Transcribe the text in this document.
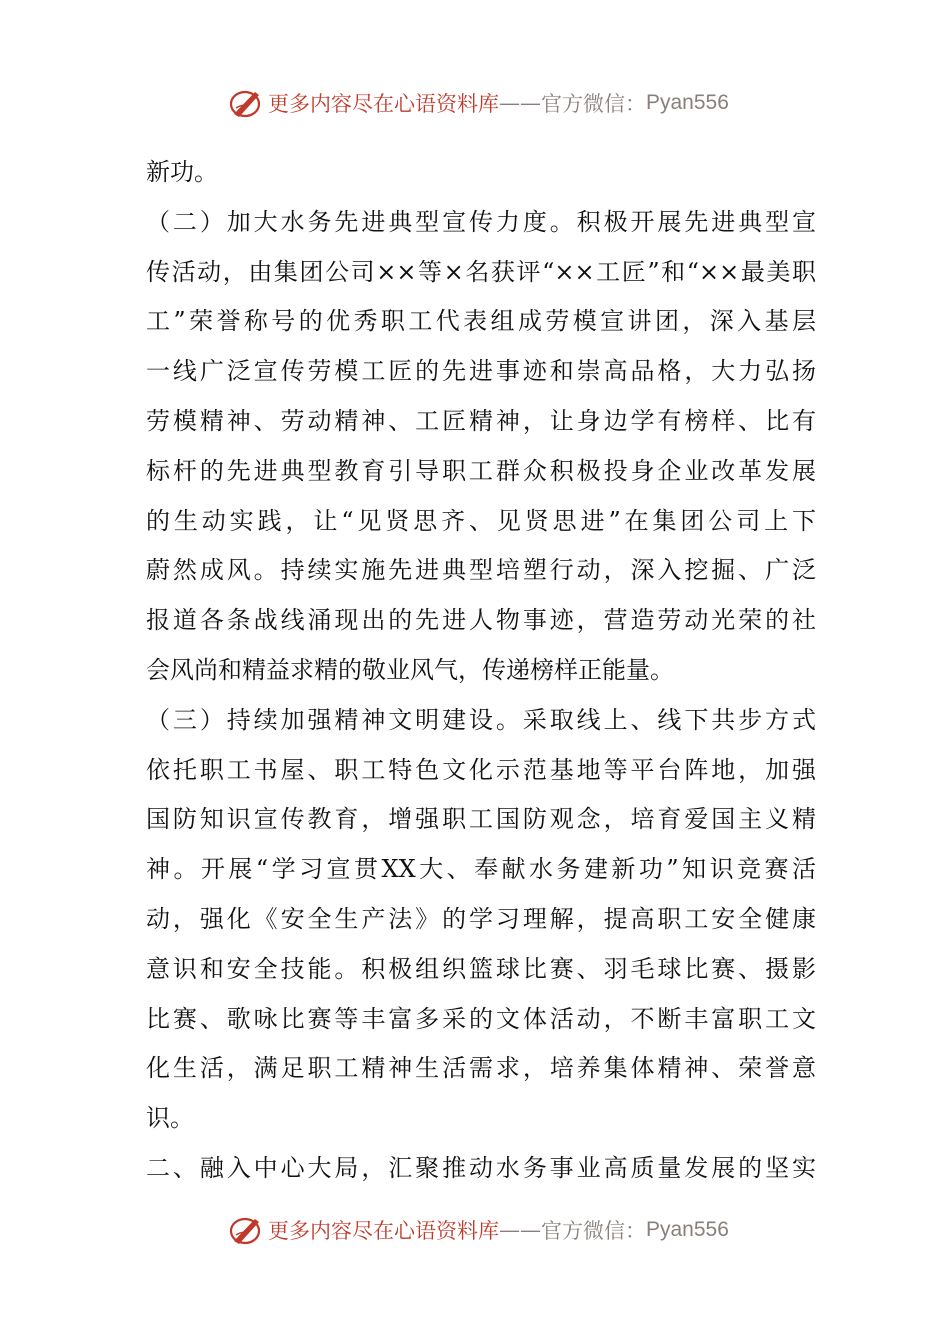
更多内容尽在心语资料库 —— 官方微信： Pyan556
新功。
（二）加大水务先进典型宣传力度。积极开展先进典型宣
传活动，由集团公司××等×名获评“××工匠”和“××最美职
工”荣誉称号的优秀职工代表组成劳模宣讲团，深入基层
一线广泛宣传劳模工匠的先进事迹和崇高品格，大力弘扬
劳模精神、劳动精神、工匠精神，让身边学有榜样、比有
标杆的先进典型教育引导职工群众积极投身企业改革发展
的生动实践，让“见贤思齐、见贤思进”在集团公司上下
蔚然成风。持续实施先进典型培塑行动，深入挖掘、广泛
报道各条战线涌现出的先进人物事迹，营造劳动光荣的社
会风尚和精益求精的敬业风气，传递榜样正能量。
（三）持续加强精神文明建设。采取线上、线下共步方式
依托职工书屋、职工特色文化示范基地等平台阵地，加强
国防知识宣传教育，增强职工国防观念，培育爱国主义精
神。开展“学习宣贯XX大、奉献水务建新功”知识竞赛活
动，强化《安全生产法》的学习理解，提高职工安全健康
意识和安全技能。积极组织篮球比赛、羽毛球比赛、摄影
比赛、歌咏比赛等丰富多采的文体活动，不断丰富职工文
化生活，满足职工精神生活需求，培养集体精神、荣誉意
识。
二、融入中心大局，汇聚推动水务事业高质量发展的坚实
更多内容尽在心语资料库 —— 官方微信： Pyan556
